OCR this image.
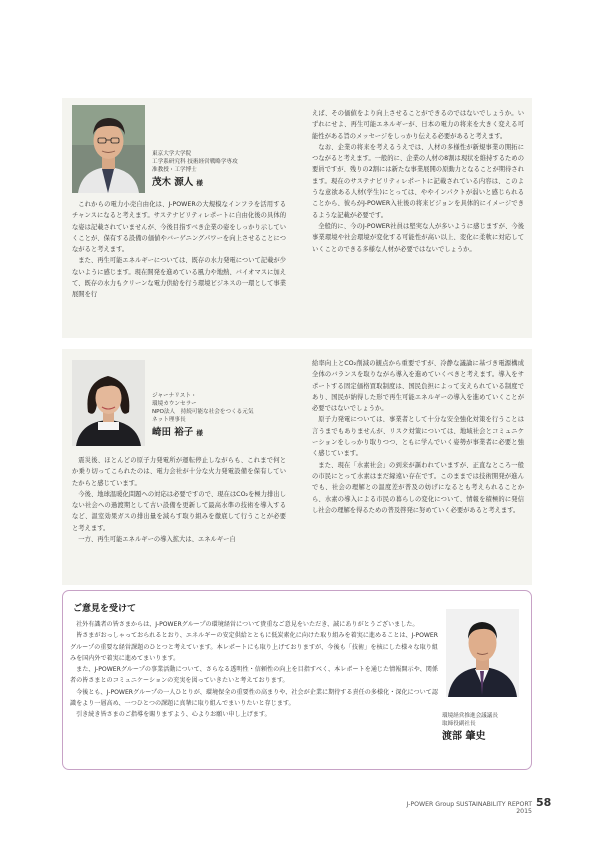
東京大学大学院
工学系研究科 技術経営戦略学専攻
准教授・工学博士
茂木 源人 様

これからの電力小売自由化は、J-POWERの大規模なインフラを活用するチャンスになると考えます。サステナビリティレポートに自由化後の具体的な姿は記載されていませんが、今後目指すべき企業の姿をしっかり示していくことが、保有する設備の価値やバーゲニングパワーを向上させることにつながると考えます。

また、再生可能エネルギーについては、既存の水力発電について記載が少ないように感じます。現在開発を進めている風力や地熱、バイオマスに加えて、既存の水力もクリーンな電力供給を行う環境ビジネスの一環として事業展開を行

えば、その価値をより向上させることができるのではないでしょうか。いずれにせよ、再生可能エネルギーが、日本の電力の将来を大きく変える可能性がある旨のメッセージをしっかり伝える必要があると考えます。

なお、企業の将来を考えるうえでは、人材の多様性が新規事業の開拓につながると考えます。一般的に、企業の人材の8割は現状を維持するための要員ですが、残りの2割には新たな事業展開の原動力となることが期待されます。現在のサステナビリティレポートに記載されている内容は、このような意欲ある人材(学生)にとっては、ややインパクトが弱いと感じられることから、彼らがJ-POWER入社後の将来ビジョンを具体的にイメージできるような記載が必要です。

全般的に、今のJ-POWER社員は堅実な人が多いように感じますが、今後事業環境や社会環境が変化する可能性が高い以上、変化に柔軟に対応していくことのできる多様な人材が必要ではないでしょうか。

ジャーナリスト・
環境カウンセラー
NPO法人　持続可能な社会をつくる元気
ネット理事長
崎田 裕子 様

震災後、ほとんどの原子力発電所が運転停止しながらも、これまで何とか乗り切ってこられたのは、電力会社が十分な火力発電設備を保有していたからと感じています。

今後、地球温暖化問題への対応は必要ですので、現在はCO₂を極力排出しない社会への過渡期として古い設備を更新して最高水準の技術を導入するなど、温室効果ガスの排出量を減らす取り組みを徹底して行うことが必要と考えます。

一方、再生可能エネルギーの導入拡大は、エネルギー自

給率向上とCO₂削減の観点から重要ですが、冷静な議論に基づき電源構成全体のバランスを取りながら導入を進めていくべきと考えます。導入をサポートする固定価格買取制度は、国民負担によって支えられている制度であり、国民が納得した形で再生可能エネルギーの導入を進めていくことが必要ではないでしょうか。

原子力発電については、事業者として十分な安全強化対策を行うことは言うまでもありませんが、リスク対策については、地域社会とコミュニケーションをしっかり取りつつ、ともに学んでいく姿勢が事業者に必要と強く感じています。

また、現在「水素社会」の到来が謳われていますが、正直なところ一般の市民にとって水素はまだ縁遠い存在です。このままでは技術開発が進んでも、社会の理解との温度差が普及の妨げになるとも考えられることから、水素の導入による市民の暮らしの変化について、情報を積極的に発信し社会の理解を得るための普及啓発に努めていく必要があると考えます。

ご意見を受けて

社外有識者の皆さまからは、J-POWERグループの環境経営について貴重なご意見をいただき、誠にありがとうございました。

皆さまがおっしゃっておられるとおり、エネルギーの安定供給とともに低炭素化に向けた取り組みを着実に進めることは、J-POWERグループの重要な経営課題のひとつと考えています。本レポートにも取り上げておりますが、今後も「技術」を核にした様々な取り組みを国内外で着実に進めてまいります。

また、J-POWERグループの事業活動について、さらなる透明性・信頼性の向上を目指すべく、本レポートを通じた情報開示や、関係者の皆さまとのコミュニケーションの充実を図っていきたいと考えております。

今後とも、J-POWERグループの一人ひとりが、環境保全の重要性の高まりや、社会が企業に期待する責任の多様化・深化について認識をより一層高め、一つひとつの課題に真摯に取り組んでまいりたいと存じます。

引き続き皆さまのご指導を賜りますよう、心よりお願い申し上げます。	環境経営推進会議議長
取締役副社長
渡部 肇史
J-POWER Group SUSTAINABILITY REPORT 2015
58
